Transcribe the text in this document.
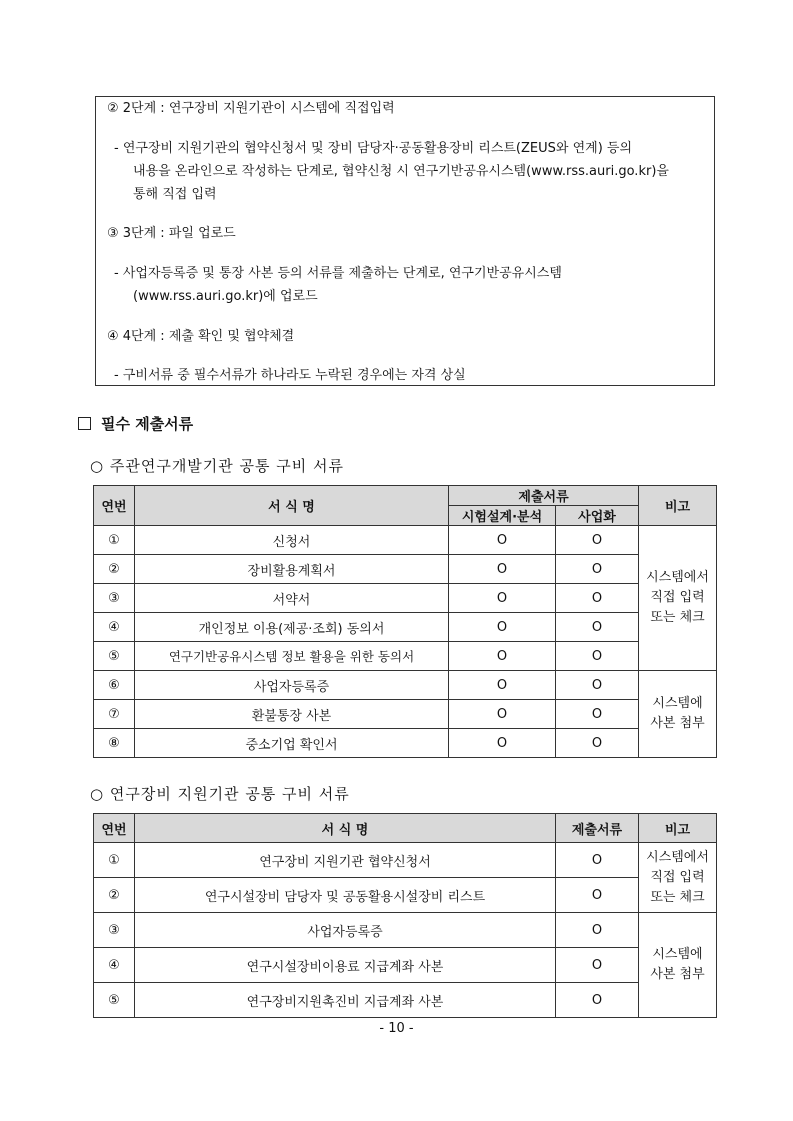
② 2단계 : 연구장비 지원기관이 시스템에 직접입력
- 연구장비 지원기관의 협약신청서 및 장비 담당자·공동활용장비 리스트(ZEUS와 연계) 등의
내용을 온라인으로 작성하는 단계로, 협약신청 시 연구기반공유시스템(www.rss.auri.go.kr)을
통해 직접 입력
③ 3단계 : 파일 업로드
- 사업자등록증 및 통장 사본 등의 서류를 제출하는 단계로, 연구기반공유시스템
(www.rss.auri.go.kr)에 업로드
④ 4단계 : 제출 확인 및 협약체결
- 구비서류 중 필수서류가 하나라도 누락된 경우에는 자격 상실
필수 제출서류
○ 주관연구개발기관 공통 구비 서류
연번	서 식 명	제출서류		비고
		시험설계·분석	사업화	
①	신청서	O	O	시스템에서
직접 입력
또는 체크
②	장비활용계획서	O	O	
③	서약서	O	O	
④	개인정보 이용(제공·조회) 동의서	O	O	
⑤	연구기반공유시스템 정보 활용을 위한 동의서	O	O	
⑥	사업자등록증	O	O	시스템에
사본 첨부
⑦	환불통장 사본	O	O	
⑧	중소기업 확인서	O	O	
○ 연구장비 지원기관 공통 구비 서류
연번	서 식 명	제출서류	비고
①	연구장비 지원기관 협약신청서	O	시스템에서
직접 입력
또는 체크
②	연구시설장비 담당자 및 공동활용시설장비 리스트	O	
③	사업자등록증	O	시스템에
사본 첨부
④	연구시설장비이용료 지급계좌 사본	O	
⑤	연구장비지원촉진비 지급계좌 사본	O	
- 10 -
